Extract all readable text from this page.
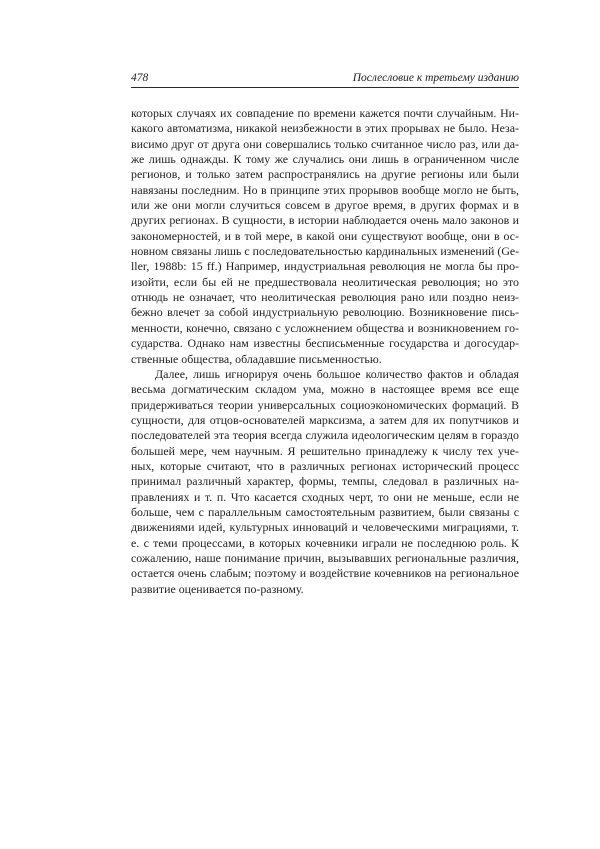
478	Послесловие к третьему изданию
которых случаях их совпадение по времени кажется почти случайным. Ни-
какого автоматизма, никакой неизбежности в этих прорывах не было. Неза-
висимо друг от друга они совершались только считанное число раз, или да-
же лишь однажды. К тому же случались они лишь в ограниченном числе
регионов, и только затем распространялись на другие регионы или были
навязаны последним. Но в принципе этих прорывов вообще могло не быть,
или же они могли случиться совсем в другое время, в других формах и в
других регионах. В сущности, в истории наблюдается очень мало законов и
закономерностей, и в той мере, в какой они существуют вообще, они в ос-
новном связаны лишь с последовательностью кардинальных изменений (Ge-
ller, 1988b: 15 ff.) Например, индустриальная революция не могла бы про-
изойти, если бы ей не предшествовала неолитическая революция; но это
отнюдь не означает, что неолитическая революция рано или поздно неиз-
бежно влечет за собой индустриальную революцию. Возникновение пись-
менности, конечно, связано с усложнением общества и возникновением го-
сударства. Однако нам известны бесписьменные государства и догосудар-
ственные общества, обладавшие письменностью.
Далее, лишь игнорируя очень большое количество фактов и обладая
весьма догматическим складом ума, можно в настоящее время все еще
придерживаться теории универсальных социоэкономических формаций. В
сущности, для отцов-основателей марксизма, а затем для их попутчиков и
последователей эта теория всегда служила идеологическим целям в гораздо
большей мере, чем научным. Я решительно принадлежу к числу тех уче-
ных, которые считают, что в различных регионах исторический процесс
принимал различный характер, формы, темпы, следовал в различных на-
правлениях и т. п. Что касается сходных черт, то они не меньше, если не
больше, чем с параллельным самостоятельным развитием, были связаны с
движениями идей, культурных инноваций и человеческими миграциями, т.
е. с теми процессами, в которых кочевники играли не последнюю роль. К
сожалению, наше понимание причин, вызывавших региональные различия,
остается очень слабым; поэтому и воздействие кочевников на региональное
развитие оценивается по-разному.
